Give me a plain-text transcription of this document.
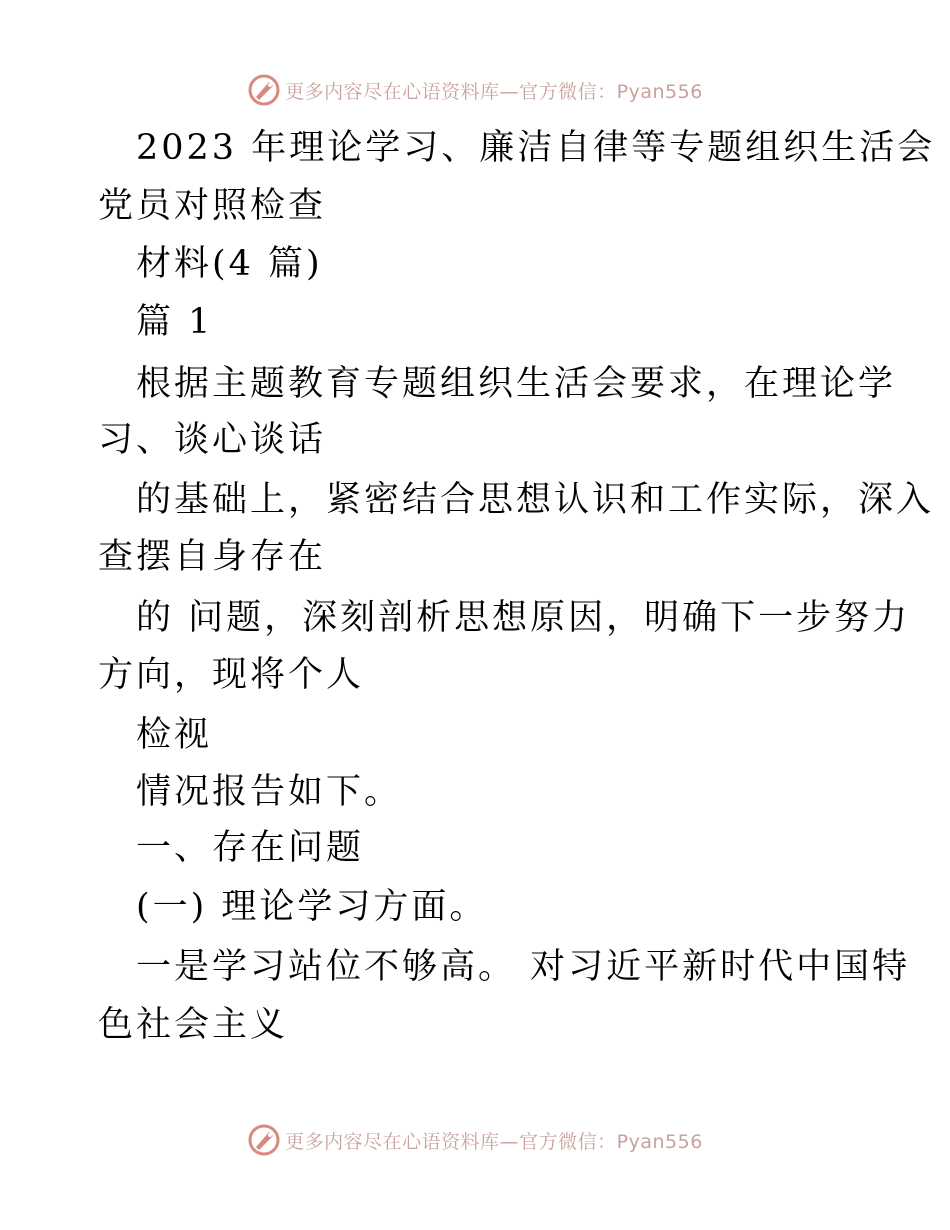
更多内容尽在心语资料库—官方微信：Pyan556
2023 年理论学习、廉洁自律等专题组织生活会
党员对照检查
材料(4 篇)
篇 1
根据主题教育专题组织生活会要求，在理论学
习、谈心谈话
的基础上，紧密结合思想认识和工作实际，深入
查摆自身存在
的 问题，深刻剖析思想原因，明确下一步努力
方向，现将个人
检视
情况报告如下。
一、存在问题
(一) 理论学习方面。
一是学习站位不够高。 对习近平新时代中国特
色社会主义
更多内容尽在心语资料库—官方微信：Pyan556
